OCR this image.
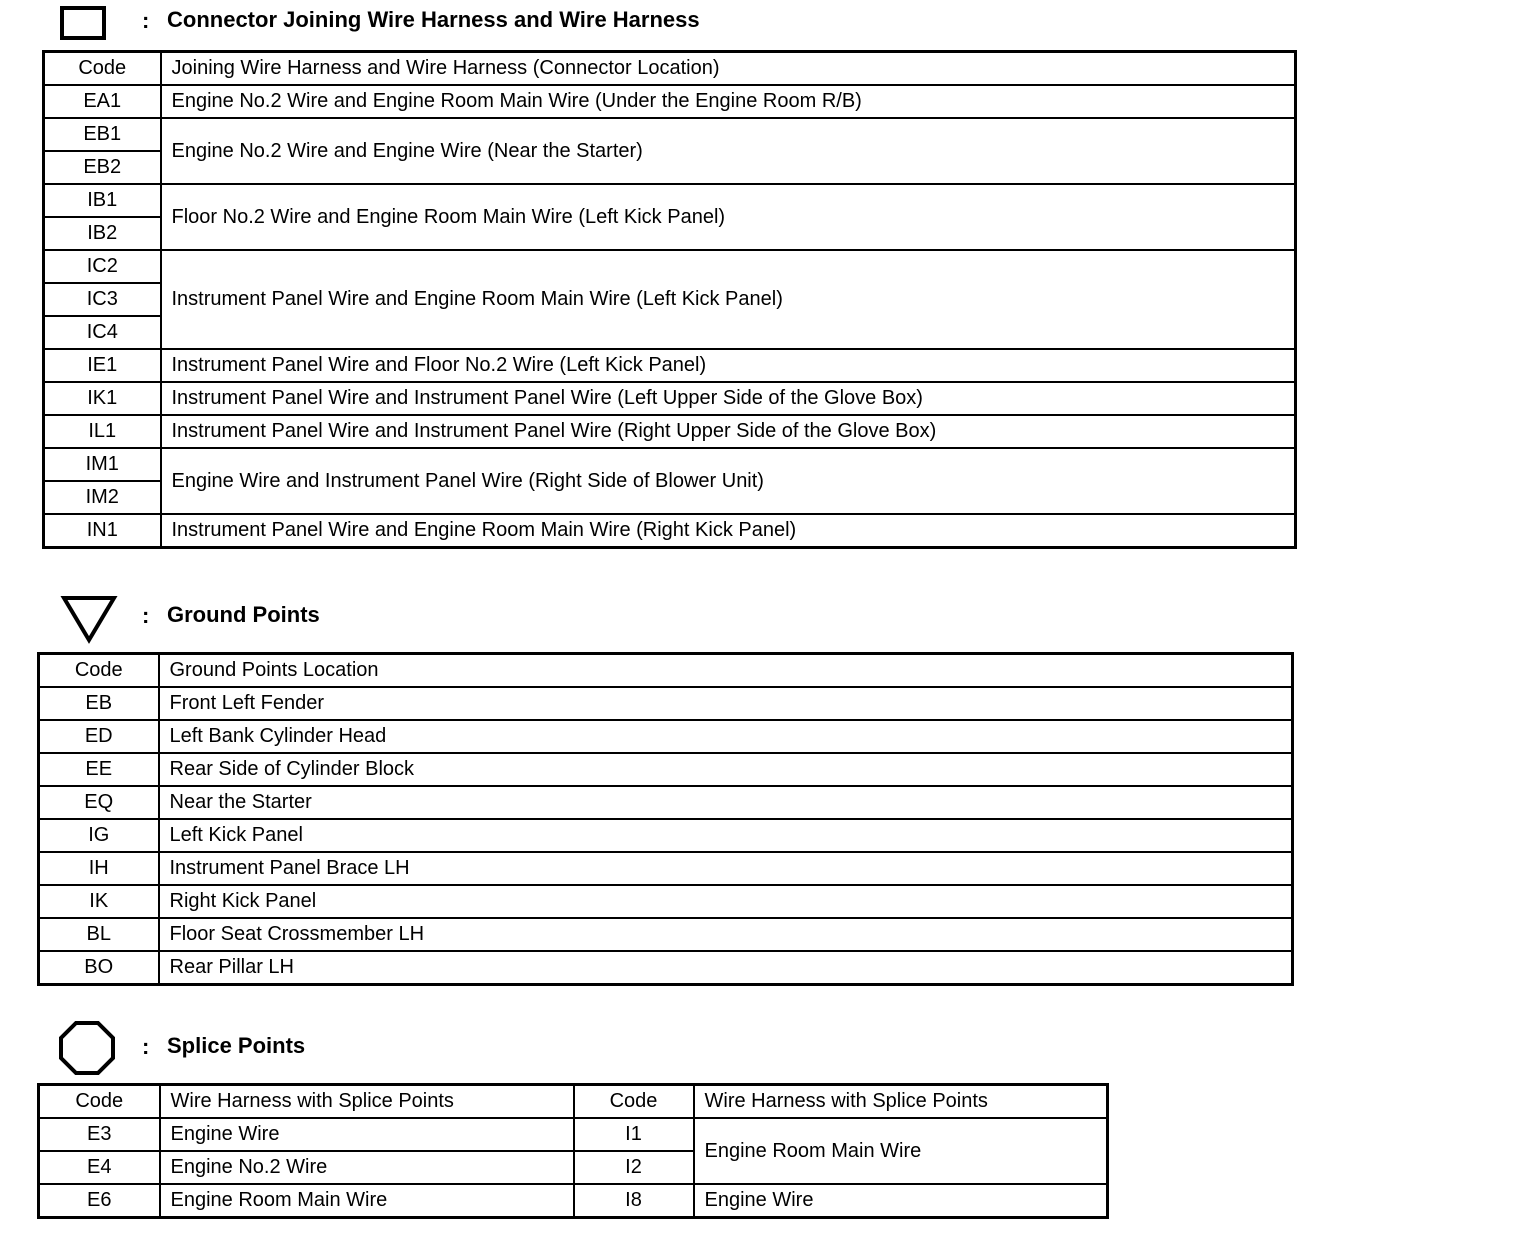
: Connector Joining Wire Harness and Wire Harness
Code	Joining Wire Harness and Wire Harness (Connector Location)
EA1	Engine No.2 Wire and Engine Room Main Wire (Under the Engine Room R/B)
EB1	Engine No.2 Wire and Engine Wire (Near the Starter)
EB2	
IB1	Floor No.2 Wire and Engine Room Main Wire (Left Kick Panel)
IB2	
IC2	Instrument Panel Wire and Engine Room Main Wire (Left Kick Panel)
IC3	
IC4	
IE1	Instrument Panel Wire and Floor No.2 Wire (Left Kick Panel)
IK1	Instrument Panel Wire and Instrument Panel Wire (Left Upper Side of the Glove Box)
IL1	Instrument Panel Wire and Instrument Panel Wire (Right Upper Side of the Glove Box)
IM1	Engine Wire and Instrument Panel Wire (Right Side of Blower Unit)
IM2	
IN1	Instrument Panel Wire and Engine Room Main Wire (Right Kick Panel)
: Ground Points
Code	Ground Points Location
EB	Front Left Fender
ED	Left Bank Cylinder Head
EE	Rear Side of Cylinder Block
EQ	Near the Starter
IG	Left Kick Panel
IH	Instrument Panel Brace LH
IK	Right Kick Panel
BL	Floor Seat Crossmember LH
BO	Rear Pillar LH
: Splice Points
Code	Wire Harness with Splice Points	Code	Wire Harness with Splice Points
E3	Engine Wire	I1	Engine Room Main Wire
E4	Engine No.2 Wire	I2	
E6	Engine Room Main Wire	I8	Engine Wire
